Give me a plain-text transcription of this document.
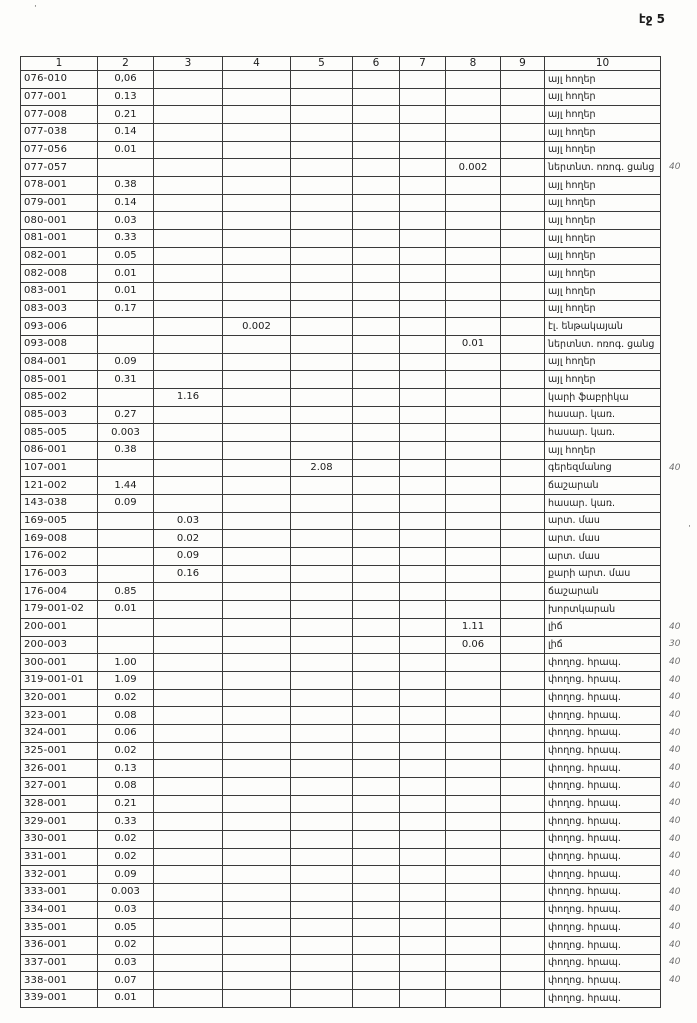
էջ 5
·
·
1	2	3	4	5	6	7	8	9	10	
076-010	0,06								այլ հողեր	
077-001	0.13								այլ հողեր	
077-008	0.21								այլ հողեր	
077-038	0.14								այլ հողեր	
077-056	0.01								այլ հողեր	
077-057							0.002		ներտնտ. ոռոգ. ցանց	40
078-001	0.38								այլ հողեր	
079-001	0.14								այլ հողեր	
080-001	0.03								այլ հողեր	
081-001	0.33								այլ հողեր	
082-001	0.05								այլ հողեր	
082-008	0.01								այլ հողեր	
083-001	0.01								այլ հողեր	
083-003	0.17								այլ հողեր	
093-006			0.002						էլ. ենթակայան	
093-008							0.01		ներտնտ. ոռոգ. ցանց	
084-001	0.09								այլ հողեր	
085-001	0.31								այլ հողեր	
085-002		1.16							կարի ֆաբրիկա	
085-003	0.27								հասար. կառ.	
085-005	0.003								հասար. կառ.	
086-001	0.38								այլ հողեր	
107-001				2.08					գերեզմանոց	40
121-002	1.44								ճաշարան	
143-038	0.09								հասար. կառ.	
169-005		0.03							արտ. մաս	
169-008		0.02							արտ. մաս	
176-002		0.09							արտ. մաս	
176-003		0.16							քարի արտ. մաս	
176-004	0.85								ճաշարան	
179-001-02	0.01								խորտկարան	
200-001							1.11		լիճ	40
200-003							0.06		լիճ	30
300-001	1.00								փողոց. հրապ.	40
319-001-01	1.09								փողոց. հրապ.	40
320-001	0.02								փողոց. հրապ.	40
323-001	0.08								փողոց. հրապ.	40
324-001	0.06								փողոց. հրապ.	40
325-001	0.02								փողոց. հրապ.	40
326-001	0.13								փողոց. հրապ.	40
327-001	0.08								փողոց. հրապ.	40
328-001	0.21								փողոց. հրապ.	40
329-001	0.33								փողոց. հրապ.	40
330-001	0.02								փողոց. հրապ.	40
331-001	0.02								փողոց. հրապ.	40
332-001	0.09								փողոց. հրապ.	40
333-001	0.003								փողոց. հրապ.	40
334-001	0.03								փողոց. հրապ.	40
335-001	0.05								փողոց. հրապ.	40
336-001	0.02								փողոց. հրապ.	40
337-001	0.03								փողոց. հրապ.	40
338-001	0.07								փողոց. հրապ.	40
339-001	0.01								փողոց. հրապ.	
